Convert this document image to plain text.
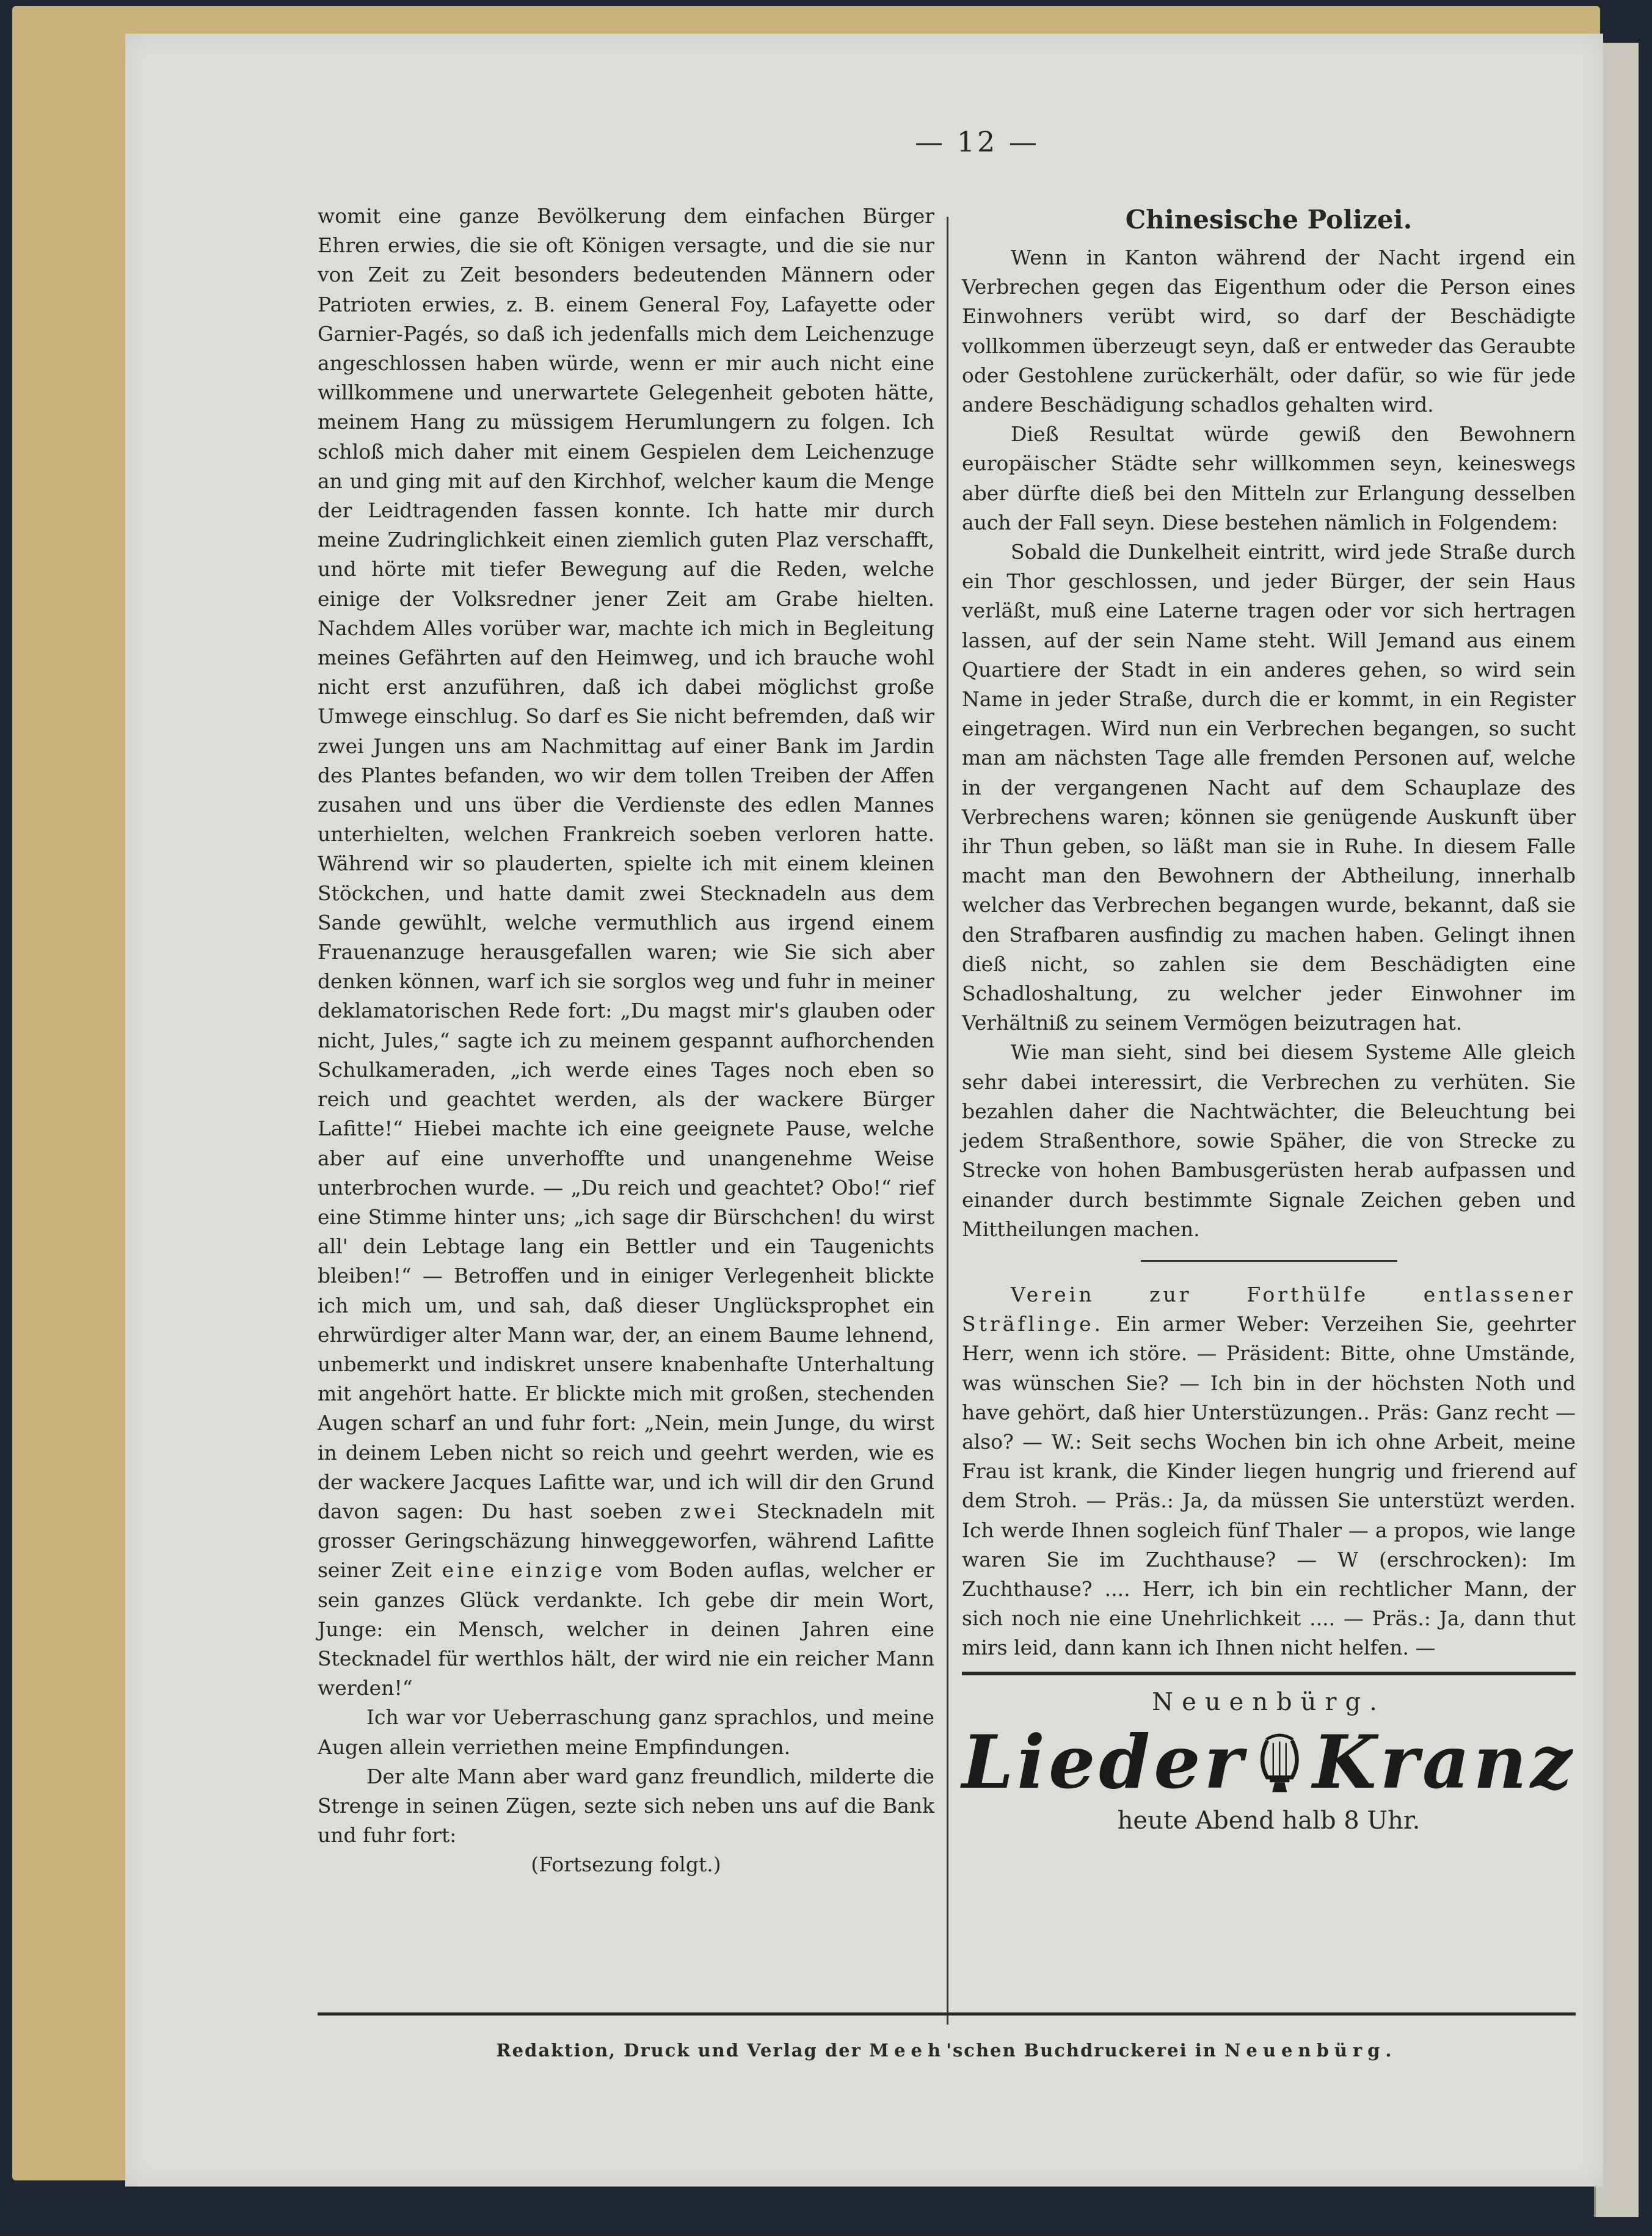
— 12 —

womit eine ganze Bevölkerung dem einfachen Bürger Ehren erwies, die sie oft Königen versagte, und die sie nur von Zeit zu Zeit besonders bedeutenden Männern oder Patrioten erwies, z. B. einem General Foy, Lafayette oder Garnier-Pagés, so daß ich jedenfalls mich dem Leichenzuge angeschlossen haben würde, wenn er mir auch nicht eine willkommene und unerwartete Gelegenheit geboten hätte, meinem Hang zu müssigem Herumlungern zu folgen. Ich schloß mich daher mit einem Gespielen dem Leichenzuge an und ging mit auf den Kirchhof, welcher kaum die Menge der Leidtragenden fassen konnte. Ich hatte mir durch meine Zudringlichkeit einen ziemlich guten Plaz verschafft, und hörte mit tiefer Bewegung auf die Reden, welche einige der Volksredner jener Zeit am Grabe hielten. Nachdem Alles vorüber war, machte ich mich in Begleitung meines Gefährten auf den Heimweg, und ich brauche wohl nicht erst anzuführen, daß ich dabei möglichst große Umwege einschlug. So darf es Sie nicht befremden, daß wir zwei Jungen uns am Nachmittag auf einer Bank im Jardin des Plantes befanden, wo wir dem tollen Treiben der Affen zusahen und uns über die Verdienste des edlen Mannes unterhielten, welchen Frankreich soeben verloren hatte. Während wir so plauderten, spielte ich mit einem kleinen Stöckchen, und hatte damit zwei Stecknadeln aus dem Sande gewühlt, welche vermuthlich aus irgend einem Frauenanzuge herausgefallen waren; wie Sie sich aber denken können, warf ich sie sorglos weg und fuhr in meiner deklamatorischen Rede fort: „Du magst mir's glauben oder nicht, Jules,“ sagte ich zu meinem gespannt aufhorchenden Schulkameraden, „ich werde eines Tages noch eben so reich und geachtet werden, als der wackere Bürger Lafitte!“ Hiebei machte ich eine geeignete Pause, welche aber auf eine unverhoffte und unangenehme Weise unterbrochen wurde. — „Du reich und geachtet? Obo!“ rief eine Stimme hinter uns; „ich sage dir Bürschchen! du wirst all' dein Lebtage lang ein Bettler und ein Taugenichts bleiben!“ — Betroffen und in einiger Verlegenheit blickte ich mich um, und sah, daß dieser Unglücksprophet ein ehrwürdiger alter Mann war, der, an einem Baume lehnend, unbemerkt und indiskret unsere knabenhafte Unterhaltung mit angehört hatte. Er blickte mich mit großen, stechenden Augen scharf an und fuhr fort: „Nein, mein Junge, du wirst in deinem Leben nicht so reich und geehrt werden, wie es der wackere Jacques Lafitte war, und ich will dir den Grund davon sagen: Du hast soeben zwei Stecknadeln mit grosser Geringschäzung hinweggeworfen, während Lafitte seiner Zeit eine einzige vom Boden auflas, welcher er sein ganzes Glück verdankte. Ich gebe dir mein Wort, Junge: ein Mensch, welcher in deinen Jahren eine Stecknadel für werthlos hält, der wird nie ein reicher Mann werden!“

Ich war vor Ueberraschung ganz sprachlos, und meine Augen allein verriethen meine Empfindungen.

Der alte Mann aber ward ganz freundlich, milderte die Strenge in seinen Zügen, sezte sich neben uns auf die Bank und fuhr fort:

(Fortsezung folgt.)

Chinesische Polizei.

Wenn in Kanton während der Nacht irgend ein Verbrechen gegen das Eigenthum oder die Person eines Einwohners verübt wird, so darf der Beschädigte vollkommen überzeugt seyn, daß er entweder das Geraubte oder Gestohlene zurückerhält, oder dafür, so wie für jede andere Beschädigung schadlos gehalten wird.

Dieß Resultat würde gewiß den Bewohnern europäischer Städte sehr willkommen seyn, keineswegs aber dürfte dieß bei den Mitteln zur Erlangung desselben auch der Fall seyn. Diese bestehen nämlich in Folgendem:

Sobald die Dunkelheit eintritt, wird jede Straße durch ein Thor geschlossen, und jeder Bürger, der sein Haus verläßt, muß eine Laterne tragen oder vor sich hertragen lassen, auf der sein Name steht. Will Jemand aus einem Quartiere der Stadt in ein anderes gehen, so wird sein Name in jeder Straße, durch die er kommt, in ein Register eingetragen. Wird nun ein Verbrechen begangen, so sucht man am nächsten Tage alle fremden Personen auf, welche in der vergangenen Nacht auf dem Schauplaze des Verbrechens waren; können sie genügende Auskunft über ihr Thun geben, so läßt man sie in Ruhe. In diesem Falle macht man den Bewohnern der Abtheilung, innerhalb welcher das Verbrechen begangen wurde, bekannt, daß sie den Strafbaren ausfindig zu machen haben. Gelingt ihnen dieß nicht, so zahlen sie dem Beschädigten eine Schadloshaltung, zu welcher jeder Einwohner im Verhältniß zu seinem Vermögen beizutragen hat.

Wie man sieht, sind bei diesem Systeme Alle gleich sehr dabei interessirt, die Verbrechen zu verhüten. Sie bezahlen daher die Nachtwächter, die Beleuchtung bei jedem Straßenthore, sowie Späher, die von Strecke zu Strecke von hohen Bambusgerüsten herab aufpassen und einander durch bestimmte Signale Zeichen geben und Mittheilungen machen.

Verein zur Forthülfe entlassener Sträflinge. Ein armer Weber: Verzeihen Sie, geehrter Herr, wenn ich störe. — Präsident: Bitte, ohne Umstände, was wünschen Sie? — Ich bin in der höchsten Noth und have gehört, daß hier Unterstüzungen.. Präs: Ganz recht — also? — W.: Seit sechs Wochen bin ich ohne Arbeit, meine Frau ist krank, die Kinder liegen hungrig und frierend auf dem Stroh. — Präs.: Ja, da müssen Sie unterstüzt werden. Ich werde Ihnen sogleich fünf Thaler — a propos, wie lange waren Sie im Zuchthause? — W (erschrocken): Im Zuchthause? .... Herr, ich bin ein rechtlicher Mann, der sich noch nie eine Unehrlichkeit .... — Präs.: Ja, dann thut mirs leid, dann kann ich Ihnen nicht helfen. —

Neuenbürg.

Lieder Kranz

heute Abend halb 8 Uhr.

Redaktion, Druck und Verlag der Meeh'schen Buchdruckerei in Neuenbürg.
